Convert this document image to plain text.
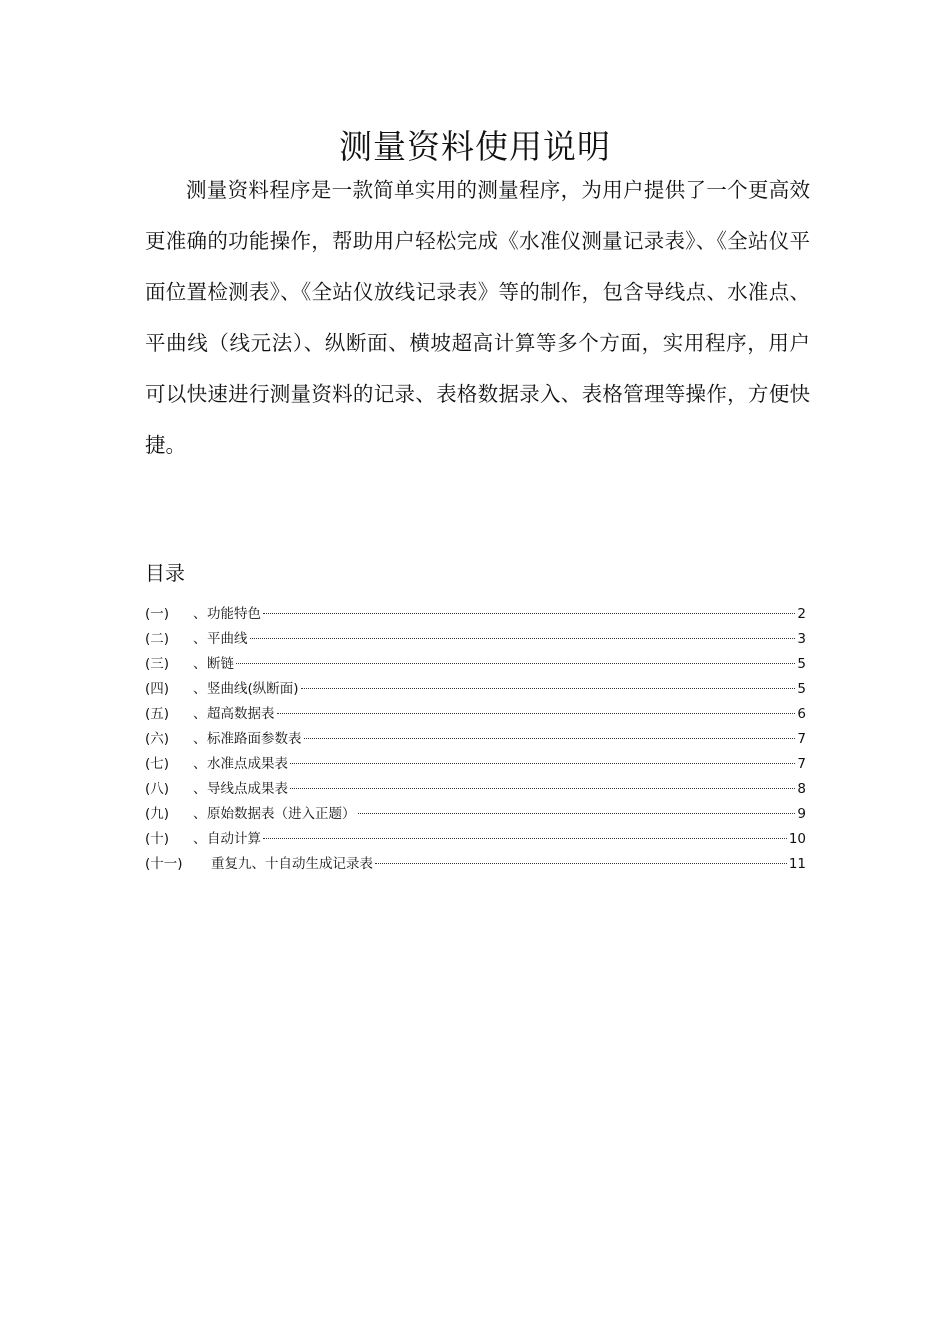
测量资料使用说明

测量资料程序是一款简单实用的测量程序，为用户提供了一个更高效更准确的功能操作，帮助用户轻松完成《水准仪测量记录表》、《全站仪平面位置检测表》、《全站仪放线记录表》等的制作，包含导线点、水准点、平曲线（线元法）、纵断面、横坡超高计算等多个方面，实用程序，用户可以快速进行测量资料的记录、表格数据录入、表格管理等操作，方便快捷。

目录
(一)	、 功能特色	2
(二)	、 平曲线	3
(三)	、 断链	5
(四)	、 竖曲线(纵断面)	5
(五)	、 超高数据表	6
(六)	、 标准路面参数表	7
(七)	、 水准点成果表	7
(八)	、 导线点成果表	8
(九)	、 原始数据表（进入正题）	9
(十)	、 自动计算	10
(十一)	重复九、十自动生成记录表	11
